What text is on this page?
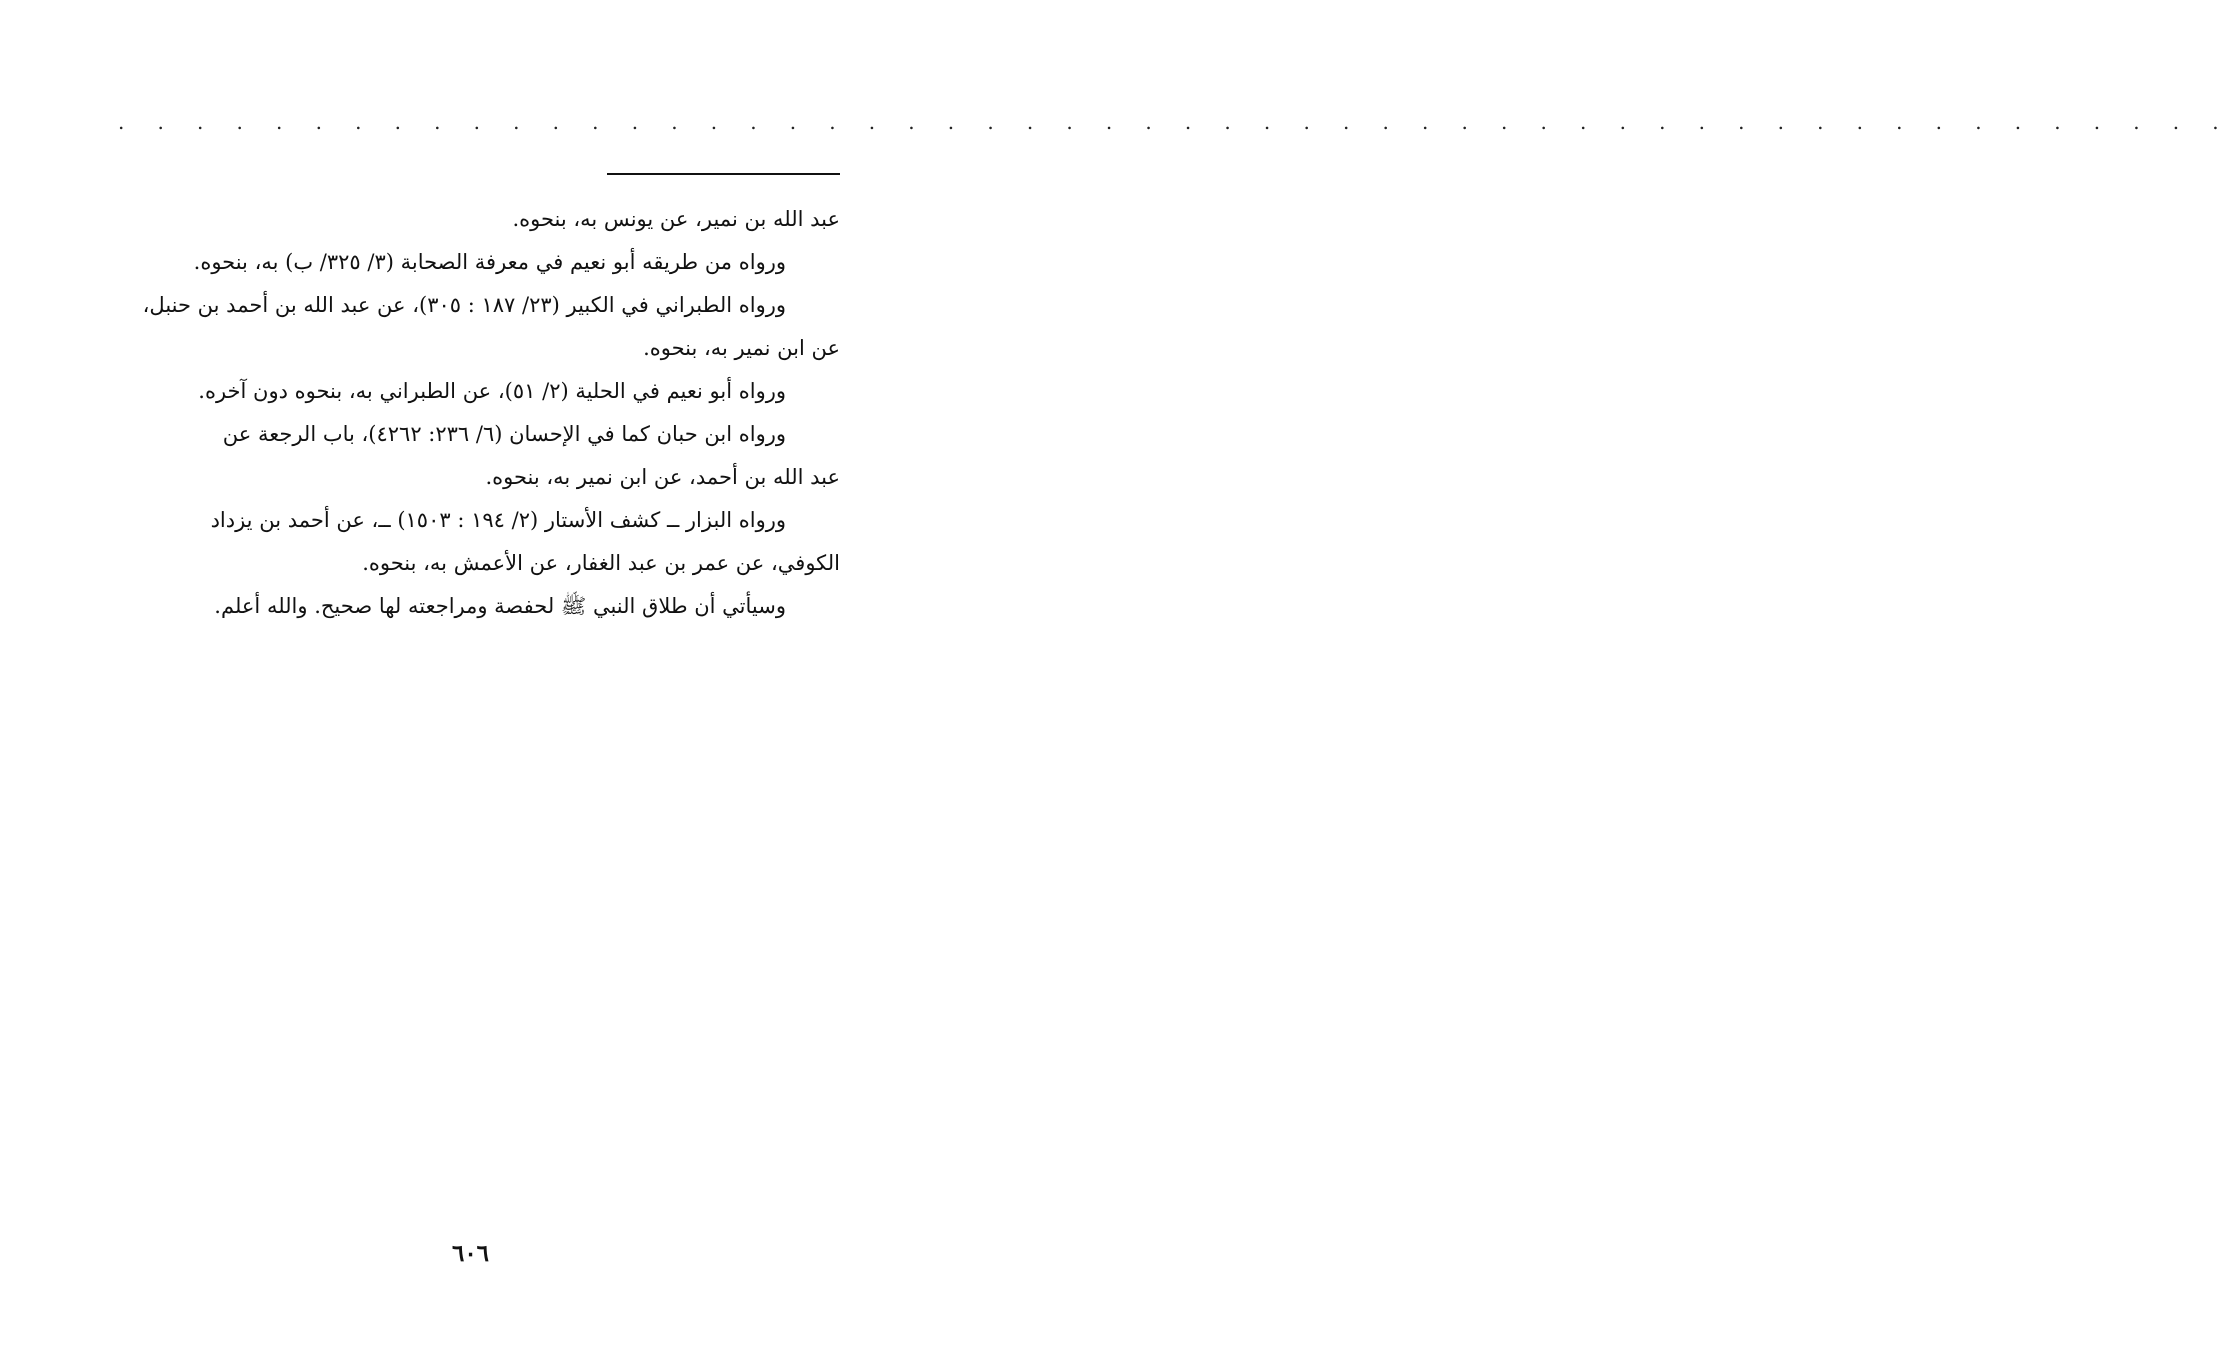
. . . . . . . . . . . . . . . . . . . . . . . . . . . . . . . . . . . . . . . . . . . . . . . . . . . . . .

عبد الله بن نمير، عن يونس به، بنحوه.

ورواه من طريقه أبو نعيم في معرفة الصحابة (٣/ ٣٢٥/ ب) به، بنحوه.

ورواه الطبراني في الكبير (٢٣/ ١٨٧ : ٣٠٥)، عن عبد الله بن أحمد بن حنبل،

عن ابن نمير به، بنحوه.

ورواه أبو نعيم في الحلية (٢/ ٥١)، عن الطبراني به، بنحوه دون آخره.

ورواه ابن حبان كما في الإحسان (٦/ ٢٣٦: ٤٢٦٢)، باب الرجعة عن

عبد الله بن أحمد، عن ابن نمير به، بنحوه.

ورواه البزار ــ كشف الأستار (٢/ ١٩٤ : ١٥٠٣) ــ، عن أحمد بن يزداد

الكوفي، عن عمر بن عبد الغفار، عن الأعمش به، بنحوه.

وسيأتي أن طلاق النبي ﷺ لحفصة ومراجعته لها صحيح. والله أعلم.

٦٠٦
